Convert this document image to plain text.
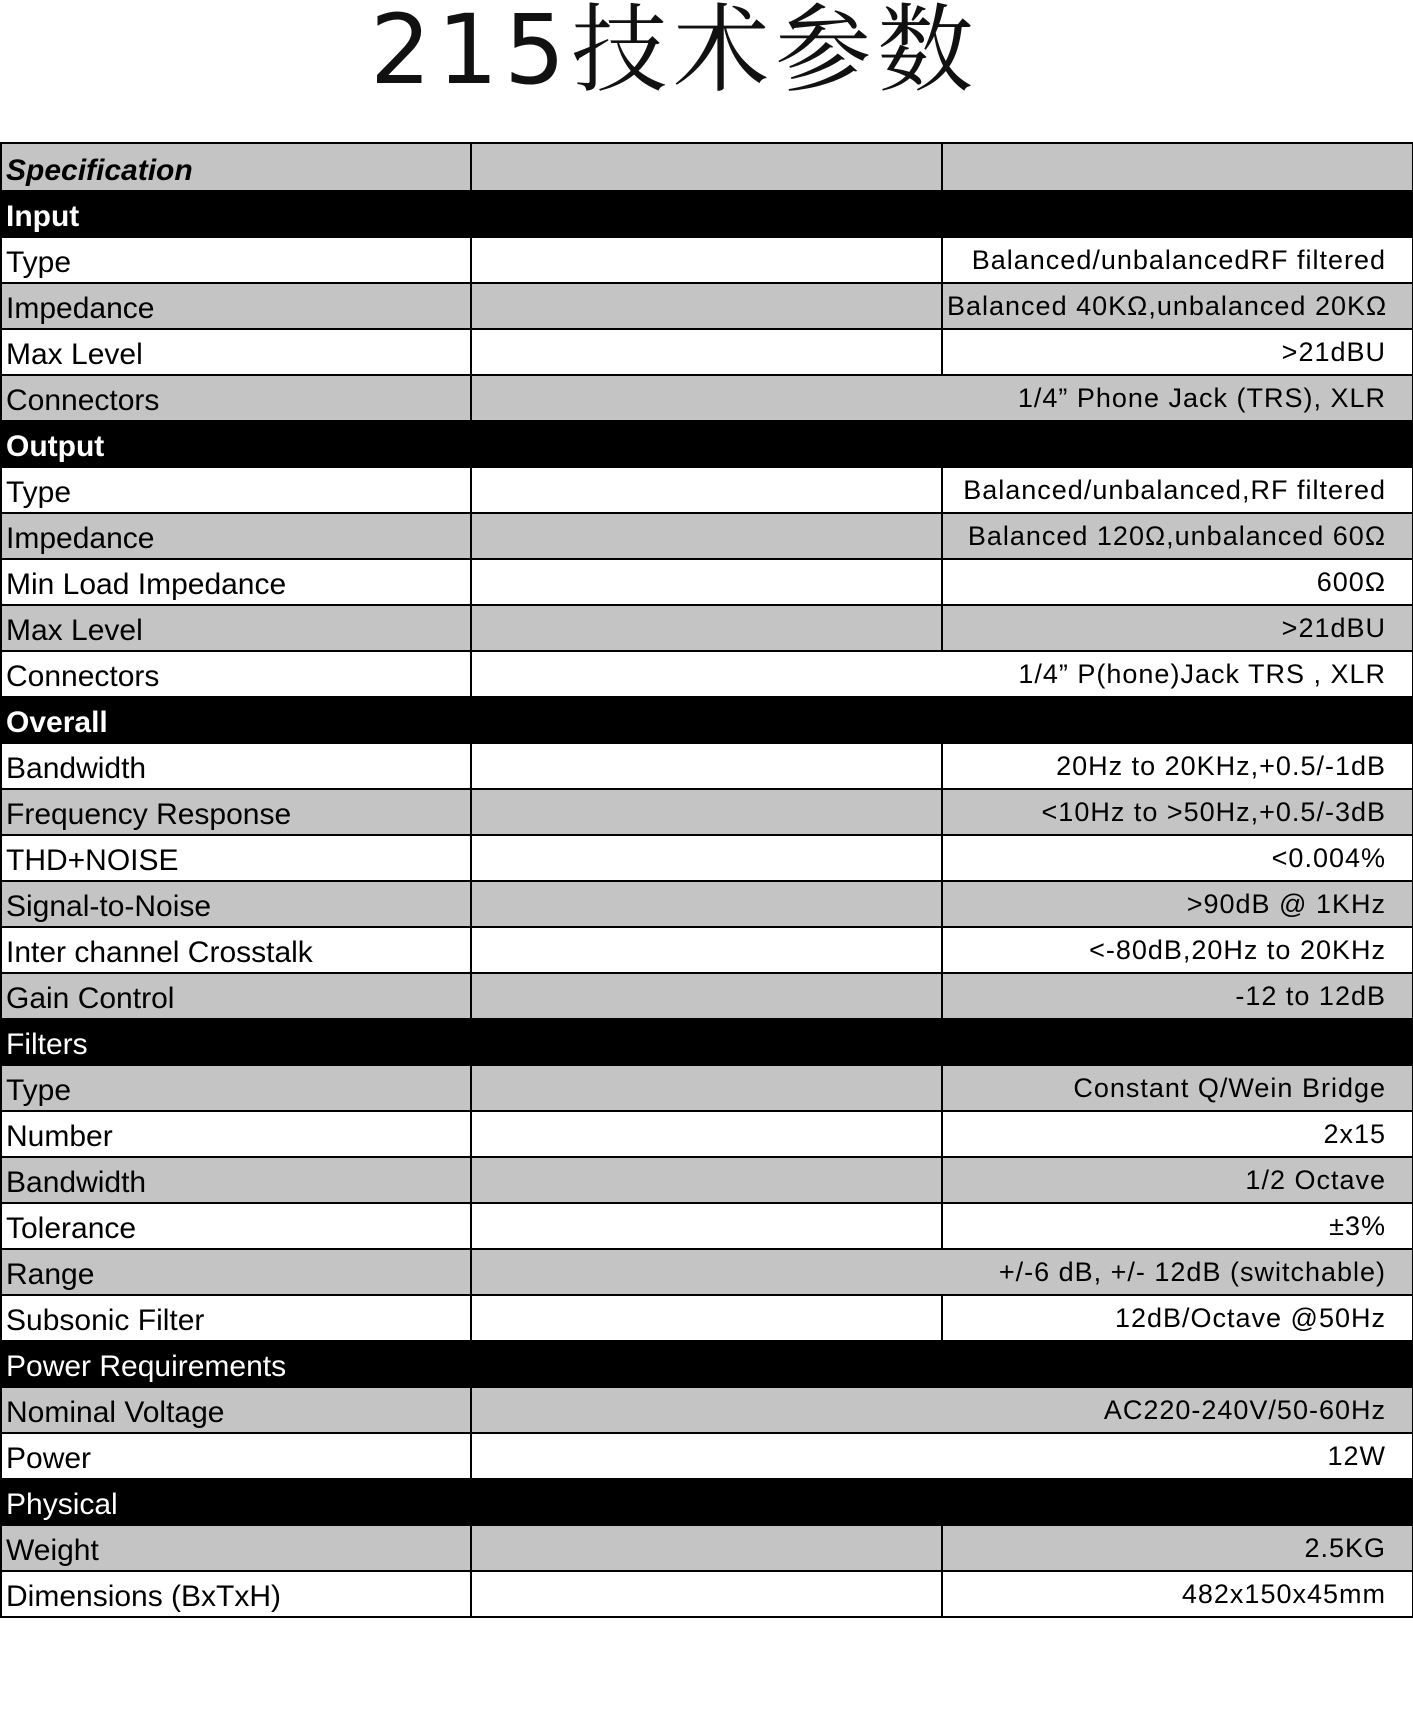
215技术参数
Specification		
Input		
Type		Balanced/unbalancedRF filtered
Impedance		Balanced 40KΩ,unbalanced 20KΩ
Max Level		>21dBU
Connectors	1/4” Phone Jack (TRS), XLR	
Output		
Type		Balanced/unbalanced,RF filtered
Impedance		Balanced 120Ω,unbalanced 60Ω
Min Load Impedance		600Ω
Max Level		>21dBU
Connectors	1/4” P(hone)Jack TRS , XLR	
Overall		
Bandwidth		20Hz to 20KHz,+0.5/-1dB
Frequency Response		<10Hz to >50Hz,+0.5/-3dB
THD+NOISE		<0.004%
Signal-to-Noise		>90dB @ 1KHz
Inter channel Crosstalk		<-80dB,20Hz to 20KHz
Gain Control		-12 to 12dB
Filters		
Type		Constant Q/Wein Bridge
Number		2x15
Bandwidth		1/2 Octave
Tolerance		±3%
Range	+/-6 dB, +/- 12dB (switchable)	
Subsonic Filter		12dB/Octave @50Hz
Power Requirements		
Nominal Voltage	AC220-240V/50-60Hz	
Power	12W	
Physical		
Weight		2.5KG
Dimensions (BxTxH)		482x150x45mm
